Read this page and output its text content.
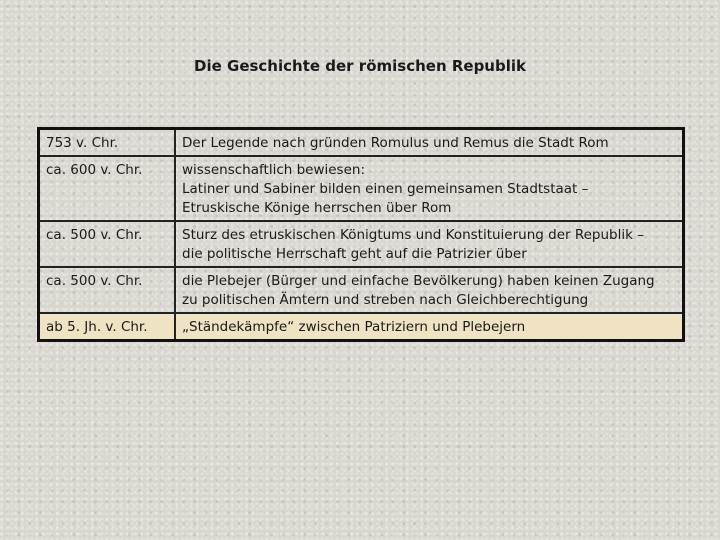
Die Geschichte der römischen Republik
753 v. Chr.	Der Legende nach gründen Romulus und Remus die Stadt Rom

ca. 600 v. Chr.	wissenschaftlich bewiesen:
Latiner und Sabiner bilden einen gemeinsamen Stadtstaat –
Etruskische Könige herrschen über Rom

ca. 500 v. Chr.	Sturz des etruskischen Königtums und Konstituierung der Republik –
die politische Herrschaft geht auf die Patrizier über

ca. 500 v. Chr.	die Plebejer (Bürger und einfache Bevölkerung) haben keinen Zugang
zu politischen Ämtern und streben nach Gleichberechtigung

ab 5. Jh. v. Chr.	„Ständekämpfe“ zwischen Patriziern und Plebejern
